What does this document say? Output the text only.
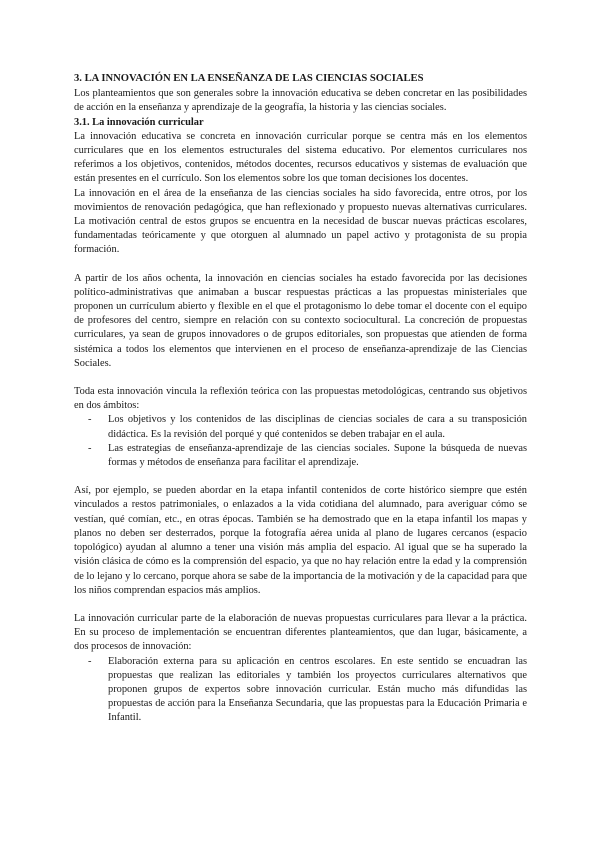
3. LA INNOVACIÓN EN LA ENSEÑANZA DE LAS CIENCIAS SOCIALES

Los planteamientos que son generales sobre la innovación educativa se deben concretar en las posibilidades de acción en la enseñanza y aprendizaje de la geografía, la historia y las ciencias sociales.

3.1. La innovación curricular

La innovación educativa se concreta en innovación curricular porque se centra más en los elementos curriculares que en los elementos estructurales del sistema educativo. Por elementos curriculares nos referimos a los objetivos, contenidos, métodos docentes, recursos educativos y sistemas de evaluación que están presentes en el currículo. Son los elementos sobre los que toman decisiones los docentes.

La innovación en el área de la enseñanza de las ciencias sociales ha sido favorecida, entre otros, por los movimientos de renovación pedagógica, que han reflexionado y propuesto nuevas alternativas curriculares. La motivación central de estos grupos se encuentra en la necesidad de buscar nuevas prácticas escolares, fundamentadas teóricamente y que otorguen al alumnado un papel activo y protagonista de su propia formación.

A partir de los años ochenta, la innovación en ciencias sociales ha estado favorecida por las decisiones político-administrativas que animaban a buscar respuestas prácticas a las propuestas ministeriales que proponen un currículum abierto y flexible en el que el protagonismo lo debe tomar el docente con el equipo de profesores del centro, siempre en relación con su contexto sociocultural. La concreción de propuestas curriculares, ya sean de grupos innovadores o de grupos editoriales, son propuestas que atienden de forma sistémica a todos los elementos que intervienen en el proceso de enseñanza-aprendizaje de las Ciencias Sociales.

Toda esta innovación vincula la reflexión teórica con las propuestas metodológicas, centrando sus objetivos en dos ámbitos:

- Los objetivos y los contenidos de las disciplinas de ciencias sociales de cara a su transposición didáctica. Es la revisión del porqué y qué contenidos se deben trabajar en el aula.
- Las estrategias de enseñanza-aprendizaje de las ciencias sociales. Supone la búsqueda de nuevas formas y métodos de enseñanza para facilitar el aprendizaje.

Así, por ejemplo, se pueden abordar en la etapa infantil contenidos de corte histórico siempre que estén vinculados a restos patrimoniales, o enlazados a la vida cotidiana del alumnado, para averiguar cómo se vestían, qué comían, etc., en otras épocas. También se ha demostrado que en la etapa infantil los mapas y planos no deben ser desterrados, porque la fotografía aérea unida al plano de lugares cercanos (espacio topológico) ayudan al alumno a tener una visión más amplia del espacio. Al igual que se ha superado la visión clásica de cómo es la comprensión del espacio, ya que no hay relación entre la edad y la comprensión de lo lejano y lo cercano, porque ahora se sabe de la importancia de la motivación y de la capacidad para que los niños comprendan espacios más amplios.

La innovación curricular parte de la elaboración de nuevas propuestas curriculares para llevar a la práctica. En su proceso de implementación se encuentran diferentes planteamientos, que dan lugar, básicamente, a dos procesos de innovación:

- Elaboración externa para su aplicación en centros escolares. En este sentido se encuadran las propuestas que realizan las editoriales y también los proyectos curriculares alternativos que proponen grupos de expertos sobre innovación curricular. Están mucho más difundidas las propuestas de acción para la Enseñanza Secundaria, que las propuestas para la Educación Primaria e Infantil.
